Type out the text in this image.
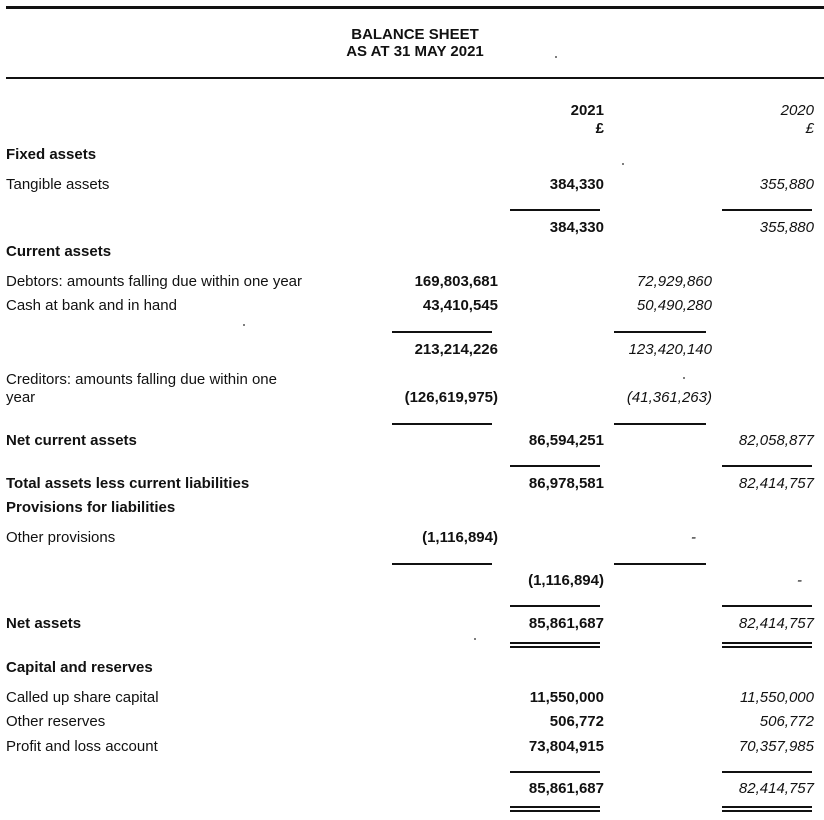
BALANCE SHEET
AS AT 31 MAY 2021
2021
£
2020
£
Fixed assets
Tangible assets	384,330	355,880
384,330	355,880
Current assets
Debtors: amounts falling due within one year	169,803,681	72,929,860
Cash at bank and in hand	43,410,545	50,490,280
213,214,226	123,420,140
Creditors: amounts falling due within one
year	(126,619,975)	(41,361,263)
Net current assets	86,594,251	82,058,877
Total assets less current liabilities	86,978,581	82,414,757
Provisions for liabilities
Other provisions	(1,116,894)	-
(1,116,894)	-
Net assets	85,861,687	82,414,757
Capital and reserves
Called up share capital	11,550,000	11,550,000
Other reserves	506,772	506,772
Profit and loss account	73,804,915	70,357,985
85,861,687	82,414,757
